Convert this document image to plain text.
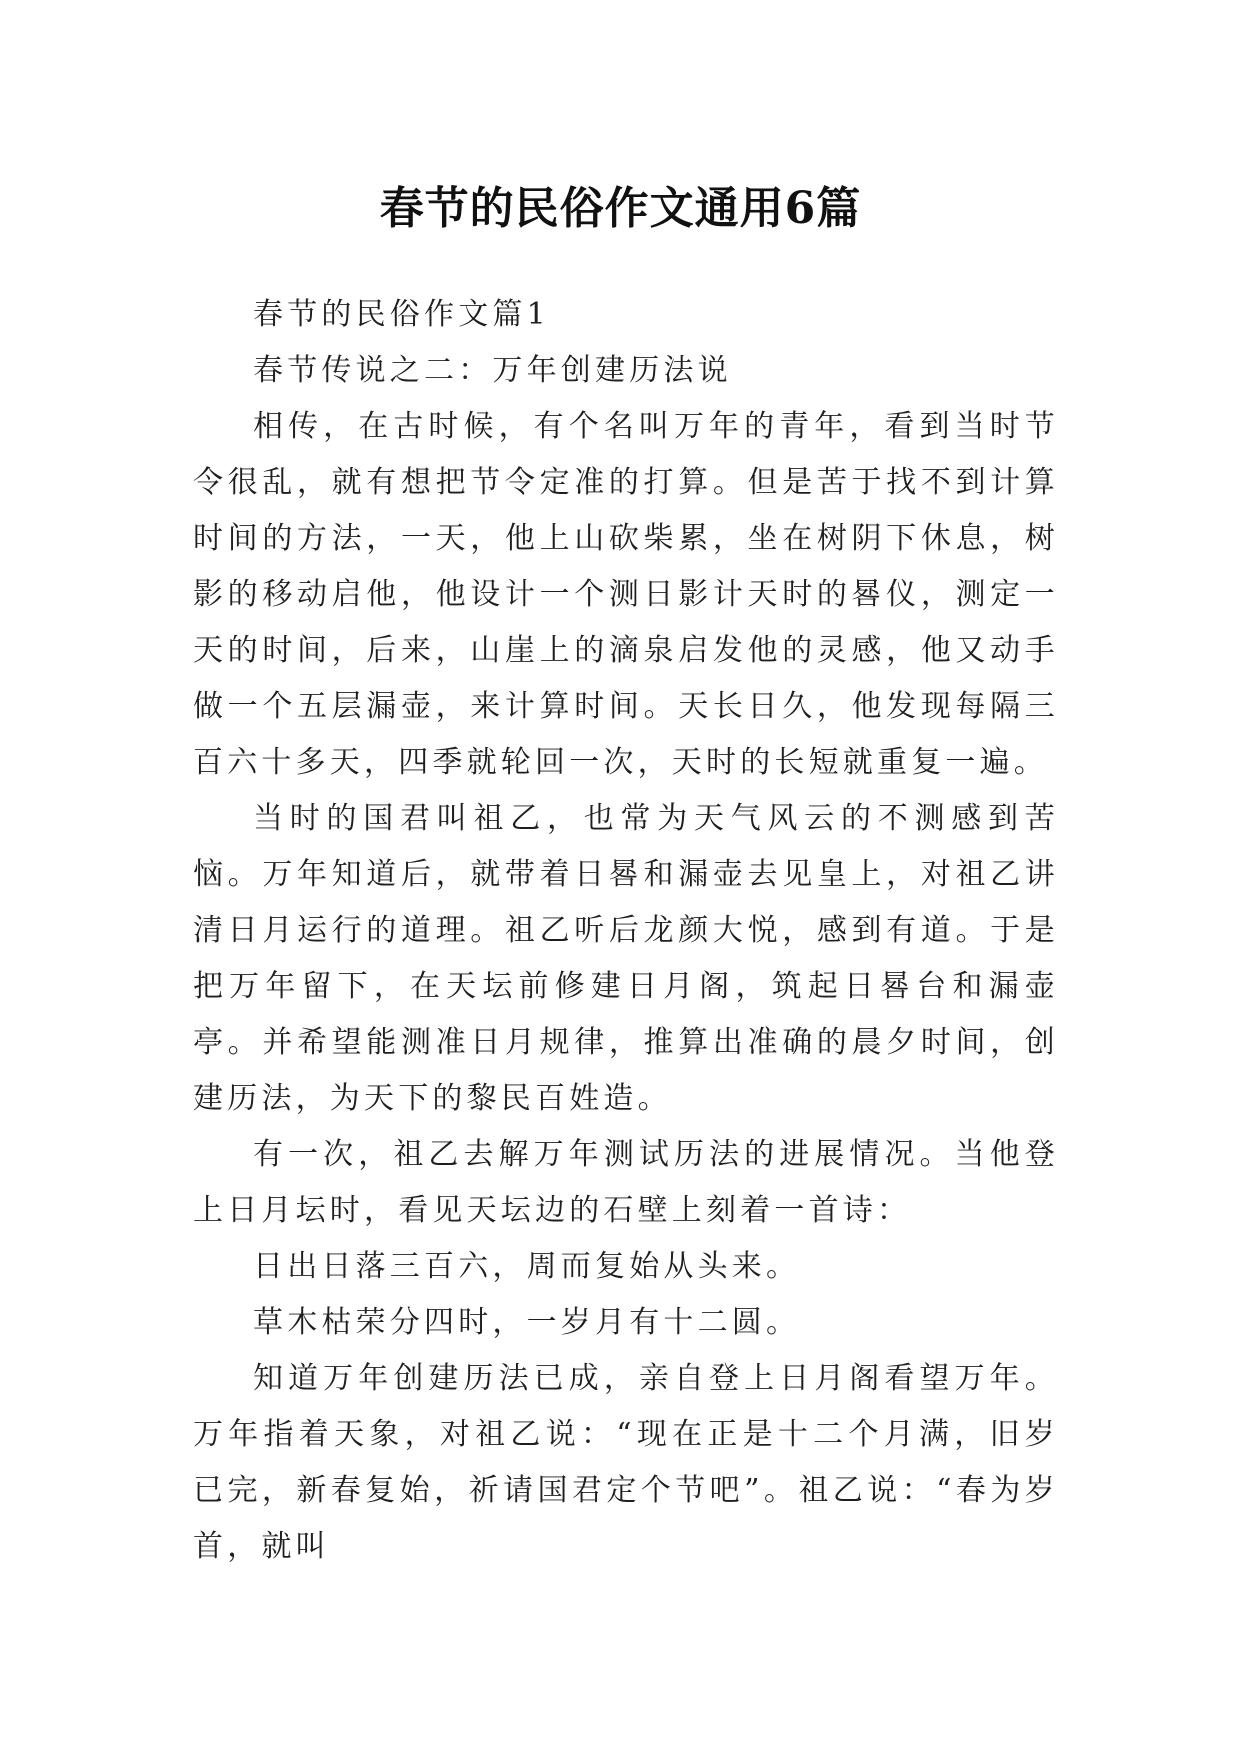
春节的民俗作文通用6篇

春节的民俗作文篇1

春节传说之二：万年创建历法说

相传，在古时候，有个名叫万年的青年，看到当时节令很乱，就有想把节令定准的打算。但是苦于找不到计算时间的方法，一天，他上山砍柴累，坐在树阴下休息，树影的移动启他，他设计一个测日影计天时的晷仪，测定一天的时间，后来，山崖上的滴泉启发他的灵感，他又动手做一个五层漏壶，来计算时间。天长日久，他发现每隔三百六十多天，四季就轮回一次，天时的长短就重复一遍。

当时的国君叫祖乙，也常为天气风云的不测感到苦恼。万年知道后，就带着日晷和漏壶去见皇上，对祖乙讲清日月运行的道理。祖乙听后龙颜大悦，感到有道。于是把万年留下，在天坛前修建日月阁，筑起日晷台和漏壶亭。并希望能测准日月规律，推算出准确的晨夕时间，创建历法，为天下的黎民百姓造。

有一次，祖乙去解万年测试历法的进展情况。当他登上日月坛时，看见天坛边的石壁上刻着一首诗：

日出日落三百六，周而复始从头来。

草木枯荣分四时，一岁月有十二圆。

知道万年创建历法已成，亲自登上日月阁看望万年。万年指着天象，对祖乙说：“现在正是十二个月满，旧岁已完，新春复始，祈请国君定个节吧”。祖乙说：“春为岁首，就叫
